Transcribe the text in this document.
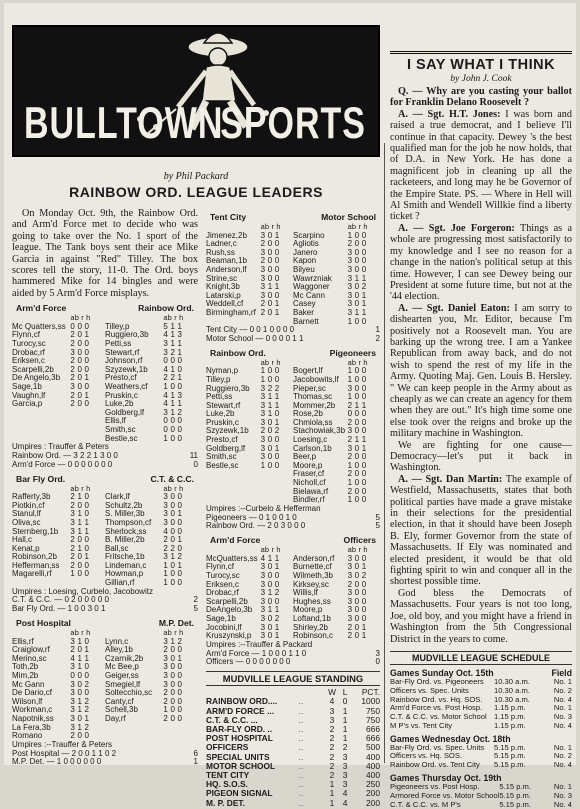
BULLTOWN
SPORTS
by Phil Packard
RAINBOW ORD. LEAGUE LEADERS

On Monday Oct. 9th, the Rainbow Ord. and Arm'd Force met to decide who was going to take over the No. 1 sport of the league. The Tank boys sent their ace Mike Garcia in against "Red" Tilley. The box scores tell the story, 11-0. The Ord. boys hammered Mike for 14 bingles and were aided by 5 Arm'd Force misplays.

Arm'd Force	Rainbow Ord.
	ab r h		ab r h
Mc Quatters,ss	0 0 0	Tilley,p	5 1 1
Flynn,cf	2 0 1	Ruggiero,3b	4 1 3
Turocy,sc	2 0 0	Petti,ss	3 1 1
Drobac,rf	3 0 0	Stewart,rf	3 2 1
Eriksen,c	2 0 0	Johnson,rf	0 0 0
Scarpelli,2b	2 0 0	Szyzewk,1b	4 1 0
De Angelo,3b	2 0 1	Presto,cf	2 2 1
Sage,1b	3 0 0	Weathers,cf	1 0 0
Vaughn,lf	2 0 1	Pruskin,c	4 1 3
Garcia,p	2 0 0	Luke,2b	4 1 1
		Goldberg,lf	3 1 2
		Ellis,lf	0 0 0
		Smith,sc	0 0 0
		Bestle,sc	1 0 0
Umpires : Trauffer & Peters
Rainbow Ord. — 3 2 2 1 3 0 0	11
Arm'd Force — 0 0 0 0 0 0 0	0
Bar Fly Ord.	C.T. & C.C.
	ab r h		ab r h
Rafferty,3b	2 1 0	Clark,lf	3 0 0
Piotkin,cf	2 0 0	Schultz,2b	3 0 0
Stanul,lf	3 1 0	S. Miller,3b	3 0 1
Oliva,sc	3 1 1	Thompson,cf	3 0 0
Sternberg,1b	3 1 1	Sherlock,ss	4 0 0
Hall,c	2 0 0	B. Miller,2b	2 0 1
Kenat,p	2 1 0	Ball,sc	2 2 0
Robinson,2b	2 0 1	Fritsche,1b	3 1 2
Hefferman,ss	2 0 0	Lindeman,c	1 0 1
Magarelli,rf	1 0 0	Howman,p	1 0 0
		Gillian,rf	1 0 0
Umpires : Loesing, Curbelo, Jacobowitz
C.T. & C.C. — 0 2 0 0 0 0 0	2
Bar Fly Ord. — 1 0 0 3 0 1	5
Post Hospital	M.P. Det.
	ab r h		ab r h
Ellis,rf	3 1 0	Lynn,c	3 1 2
Craiglow,rf	2 0 1	Alley,1b	2 0 0
Merino,sc	4 1 1	Czarnik,2b	3 0 1
Toth,2b	3 1 0	Mc Bee,p	3 0 0
Mim,2b	0 0 0	Geiger,ss	3 0 0
Mc Gann	3 0 2	Smegiel,lf	3 0 0
De Dario,cf	3 0 0	Soltecchio,sc	2 0 0
Wilson,lf	3 1 2	Canty,cf	2 0 0
Workman,c	3 1 2	Schell,3b	1 0 0
Napotnik,ss	3 0 1	Day,rf	2 0 0
La Fera,3b	3 1 2		
Romano	2 0 0		
Umpires :--Trauffer & Peters
Post Hospital — 2 0 0 1 1 0 2	6
M.P. Det. — 1 0 0 0 0 0 0	1
Tent City	Motor School
	ab r h		ab r h
Jimenez,2b	3 0 1	Scarpino	1 0 0
Ladner,c	2 0 0	Agliotis	2 0 0
Rush,ss	3 0 0	Janero	3 0 0
Beaman,1b	2 0 0	Kapon	3 0 0
Anderson,lf	3 0 0	Bilyeu	3 0 0
Strine,sc	3 0 0	Wawrzniak	3 1 1
Knight,3b	3 1 1	Waggoner	3 0 2
Latarski,p	3 0 0	Mc Cann	3 0 1
Weddell,cf	2 0 1	Casey	3 0 1
Birmingham,rf	2 0 1	Baker	3 1 1
		Barnett	1 0 0
Tent City — 0 0 1 0 0 0 0	1
Motor School — 0 0 0 0 1 1	2
Rainbow Ord.	Pigeoneers
	ab r h		ab r h
Nyman,p	1 0 0	Bogert,lf	1 0 0
Tilley,p	1 0 0	Jacobowits,lf	1 0 0
Ruggiero,3b	3 2 2	Pieper,sc	3 0 0
Petti,ss	3 1 1	Thomas,sc	1 0 0
Stewart,rf	3 1 1	Mommer,2b	2 1 1
Luke,2b	3 1 0	Rose,2b	0 0 0
Pruskin,c	3 0 1	Chmiola,ss	2 0 0
Szyzewk,1b	2 0 2	Stachowiak,3b	3 0 0
Presto,cf	3 0 0	Loesing,c	2 1 1
Goldberg,lf	3 0 1	Carlson,1b	3 0 1
Smith,sc	3 0 0	Beer,p	2 0 0
Bestle,sc	1 0 0	Moore,p	1 0 0
		Fraser,cf	2 0 0
		Nicholl,cf	1 0 0
		Bielawa,rf	2 0 0
		Bindler,rf	1 0 0
Umpires :--Curbelo & Hefferman
Pigeoneers — 0 1 0 0 1 0	5
Rainbow Ord. — 2 0 3 0 0 0	5
Arm'd Force	Officers
	ab r h		ab r h
McQuatters,ss	4 1 1	Anderson,rf	3 0 0
Flynn,cf	3 0 1	Burnette,cf	3 0 1
Turocy,sc	3 0 0	Wilmeth,3b	3 0 2
Eriksen,c	3 0 0	Kirksey,sc	2 0 0
Drobac,rf	3 1 2	Willis,lf	3 0 0
Scarpelli,2b	3 0 0	Hughes,ss	3 0 0
DeAngelo,3b	3 1 1	Moore,p	3 0 0
Sage,1b	3 0 2	Loftand,1b	3 0 0
Jocobini,lf	3 0 1	Shirley,2b	2 0 1
Kruszynski,p	3 0 1	Robinson,c	2 0 1
Umpires :--Trauffer & Packard
Arm'd Force — 1 0 0 0 1 1 0	3
Officers — 0 0 0 0 0 0 0	0
MUDVILLE LEAGUE STANDING
		W	L	PCT.
RAINBOW ORD....	..	4	0	1000
ARM'D FORCE ...	..	3	1	750
C.T. & C.C. ...	..	3	1	750
BAR-FLY ORD. ..	..	2	1	666
POST HOSPITAL	..	2	1	666
OFFICERS	..	2	2	500
SPECIAL UNITS	..	2	3	400
MOTOR SCHOOL	..	2	3	400
TENT CITY	..	2	3	400
HQ. S.O.S.	..	1	3	250
PIGEON SIGNAL	..	1	4	200
M. P. DET.	..	1	4	200
I SAY WHAT I THINK
by John J. Cook

Q. — Why are you casting your ballot for Franklin Delano Roosevelt ?

A. — Sgt. H.T. Jones: I was born and raised a true democrat, and I believe I'll continue in that capacity. Dewey 's the best qualified man for the job he now holds, that of D.A. in New York. He has done a magnificent job in cleaning up all the racketeers, and long may he be Governor of the Empire State. PS. — Where in Hell will Al Smith and Wendell Willkie find a liberty ticket ?

A. — Sgt. Joe Forgeron: Things as a whole are progressing most satisfactorily to my knowledge and I see no reason for a change in the nation's political setup at this time. However, I can see Dewey being our President at some future time, but not at the '44 election.

A. — Sgt. Daniel Eaton: I am sorry to dishearten you, Mr. Editor, because I'm positively not a Roosevelt man. You are barking up the wrong tree. I am a Yankee Republican from away back, and do not wish to spend the rest of my life in the Army. Quoting Maj. Gen. Louis B. Hersley. " We can keep people in the Army about as cheaply as we can create an agency for them when they are out." It's high time some one else took over the reigns and broke up the military machine in Washington.

We are fighting for one cause—Democracy—let's put it back in Washington.

A. — Sgt. Dan Martin: The example of Westfield, Massachusetts, states that both political parties have made a grave mistake in their selections for the presidential election, in that it should have been Joseph B. Ely, former Governor from the state of Massachusetts. If Ely was nominated and elected president, it would be that old fighting spirit to win and conquer all in the shortest possible time.

God bless the Democrats of Massachusetts. Four years is not too long, Joe, old boy, and you might have a friend in Washington from the 5th Congressional District in the years to come.

MUDVILLE LEAGUE SCHEDULE
Games Sunday Oct. 15th	Field
Bar-Fly Ord. vs. Pigeoneers	10.30 a.m.	No. 1
Officers vs. Spec. Units	10.30 a.m.	No. 2
Rainbow Ord. vs. Hq. SOS.	10.30 a.m.	No. 4
Arm'd Force vs. Post Hosp.	1.15 p.m.	No. 1
C.T. & C.C. vs. Motor School	1.15 p.m.	No. 3
M P's vs. Tent City	1.15 p.m.	No. 4
Games Wednesday Oct. 18th
Bar-Fly Ord. vs. Spec. Units	5.15 p.m.	No. 1
Officers vs. Hq. SOS.	5.15 p.m.	No. 2
Rainbow Ord. vs. Tent City	5.15 p.m.	No. 4
Games Thursday Oct. 19th
Pigeoneers vs. Post Hosp.	5.15 p.m.	No. 1
Armored Force vs. Motor School	5.15 p.m.	No. 3
C.T. & C.C. vs. M P's	5.15 p.m.	No. 4
